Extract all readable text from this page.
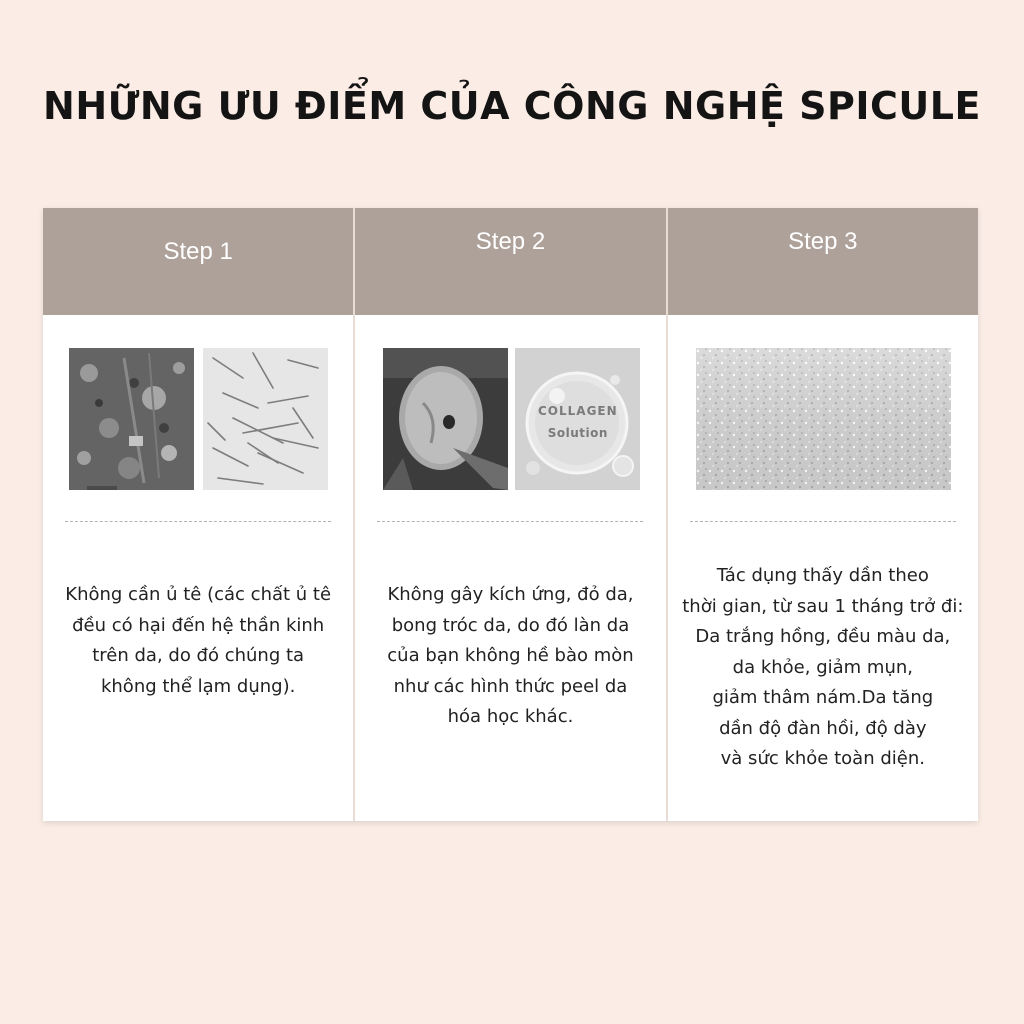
NHỮNG ƯU ĐIỂM CỦA CÔNG NGHỆ SPICULE
Step 1
Không cần ủ tê (các chất ủ tê
đều có hại đến hệ thần kinh
trên da, do đó chúng ta
không thể lạm dụng).
Step 2
COLLAGEN
Solution
Không gây kích ứng, đỏ da,
bong tróc da, do đó làn da
của bạn không hề bào mòn
như các hình thức peel da
hóa học khác.
Step 3
Tác dụng thấy dần theo
thời gian, từ sau 1 tháng trở đi:
Da trắng hồng, đều màu da,
da khỏe, giảm mụn,
giảm thâm nám.Da tăng
dần độ đàn hồi, độ dày
và sức khỏe toàn diện.
